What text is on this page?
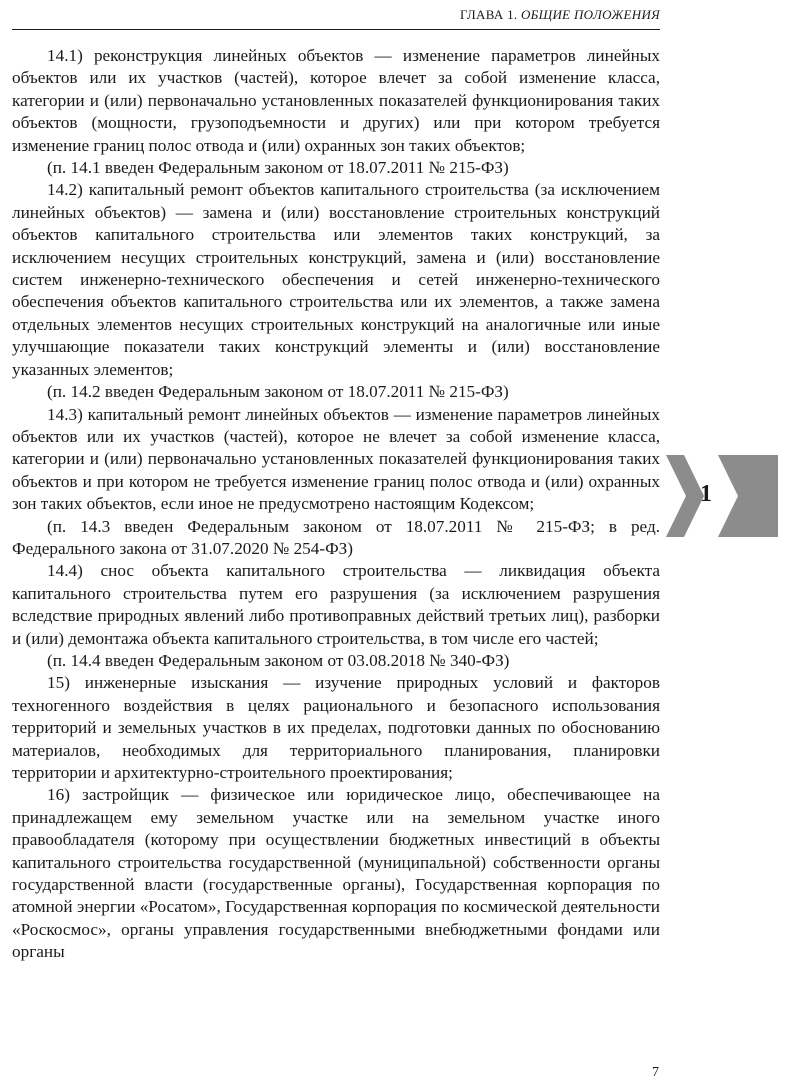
ГЛАВА 1. ОБЩИЕ ПОЛОЖЕНИЯ

14.1) реконструкция линейных объектов — изменение параметров линейных объектов или их участков (частей), которое влечет за собой изменение класса, категории и (или) первоначально установленных показателей функционирования таких объектов (мощности, грузоподъемности и других) или при котором требуется изменение границ полос отвода и (или) охранных зон таких объектов;

(п. 14.1 введен Федеральным законом от 18.07.2011 № 215-ФЗ)

14.2) капитальный ремонт объектов капитального строительства (за исключением линейных объектов) — замена и (или) восстановление строительных конструкций объектов капитального строительства или элементов таких конструкций, за исключением несущих строительных конструкций, замена и (или) восстановление систем инженерно-технического обеспечения и сетей инженерно-технического обеспечения объектов капитального строительства или их элементов, а также замена отдельных элементов несущих строительных конструкций на аналогичные или иные улучшающие показатели таких конструкций элементы и (или) восстановление указанных элементов;

(п. 14.2 введен Федеральным законом от 18.07.2011 № 215-ФЗ)

14.3) капитальный ремонт линейных объектов — изменение параметров линейных объектов или их участков (частей), которое не влечет за собой изменение класса, категории и (или) первоначально установленных показателей функционирования таких объектов и при котором не требуется изменение границ полос отвода и (или) охранных зон таких объектов, если иное не предусмотрено настоящим Кодексом;

(п. 14.3 введен Федеральным законом от 18.07.2011 № 215-ФЗ; в ред. Федерального закона от 31.07.2020 № 254-ФЗ)

14.4) снос объекта капитального строительства — ликвидация объекта капитального строительства путем его разрушения (за исключением разрушения вследствие природных явлений либо противоправных действий третьих лиц), разборки и (или) демонтажа объекта капитального строительства, в том числе его частей;

(п. 14.4 введен Федеральным законом от 03.08.2018 № 340-ФЗ)

15) инженерные изыскания — изучение природных условий и факторов техногенного воздействия в целях рационального и безопасного использования территорий и земельных участков в их пределах, подготовки данных по обоснованию материалов, необходимых для территориального планирования, планировки территории и архитектурно-строительного проектирования;

16) застройщик — физическое или юридическое лицо, обеспечивающее на принадлежащем ему земельном участке или на земельном участке иного правообладателя (которому при осуществлении бюджетных инвестиций в объекты капитального строительства государственной (муниципальной) собственности органы государственной власти (государственные органы), Государственная корпорация по атомной энергии «Росатом», Государственная корпорация по космической деятельности «Роскосмос», органы управления государственными внебюджетными фондами или органы

1
7
